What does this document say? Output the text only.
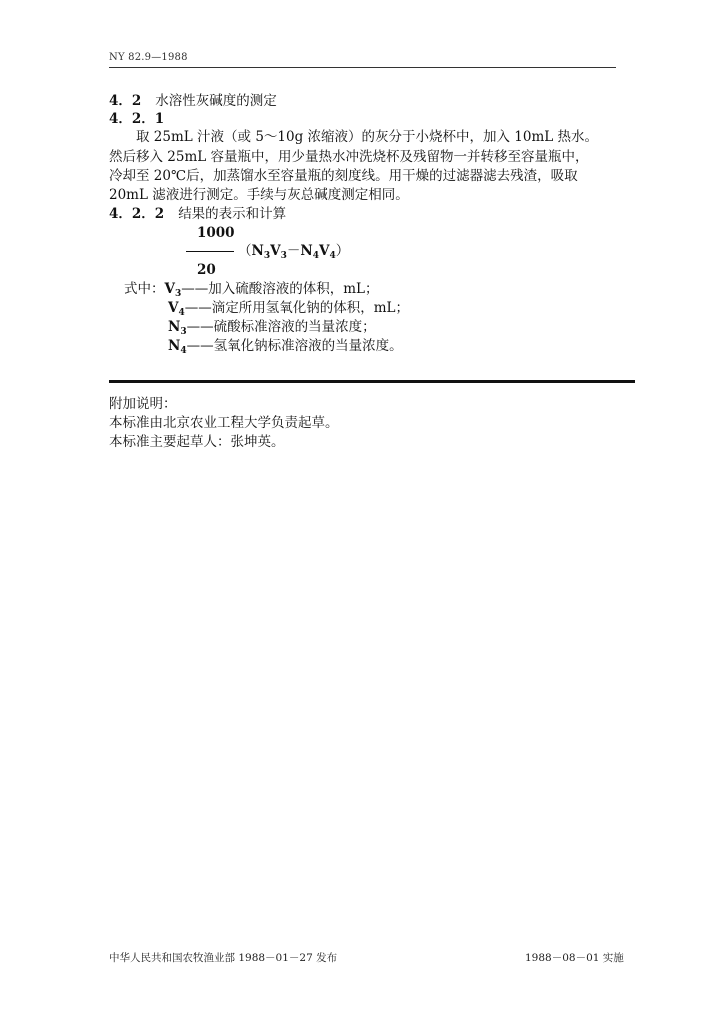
NY 82.9—1988
4．2 水溶性灰碱度的测定
4．2．1
取 25mL 汁液（或 5～10g 浓缩液）的灰分于小烧杯中，加入 10mL 热水。
然后移入 25mL 容量瓶中，用少量热水冲洗烧杯及残留物一并转移至容量瓶中，
冷却至 20℃后，加蒸馏水至容量瓶的刻度线。用干燥的过滤器滤去残渣，吸取
20mL 滤液进行测定。手续与灰总碱度测定相同。
4．2．2 结果的表示和计算
1000
$(N_3V_3-N_4V_4)$
20
式中：$V_3——$加入硫酸溶液的体积，mL；
$V_4——$滴定所用氢氧化钠的体积，mL；
$N_3——$硫酸标准溶液的当量浓度；
$N_4——$氢氧化钠标准溶液的当量浓度。
附加说明：
本标准由北京农业工程大学负责起草。
本标准主要起草人：张坤英。
中华人民共和国农牧渔业部 1988－01－27 发布	1988－08－01 实施
